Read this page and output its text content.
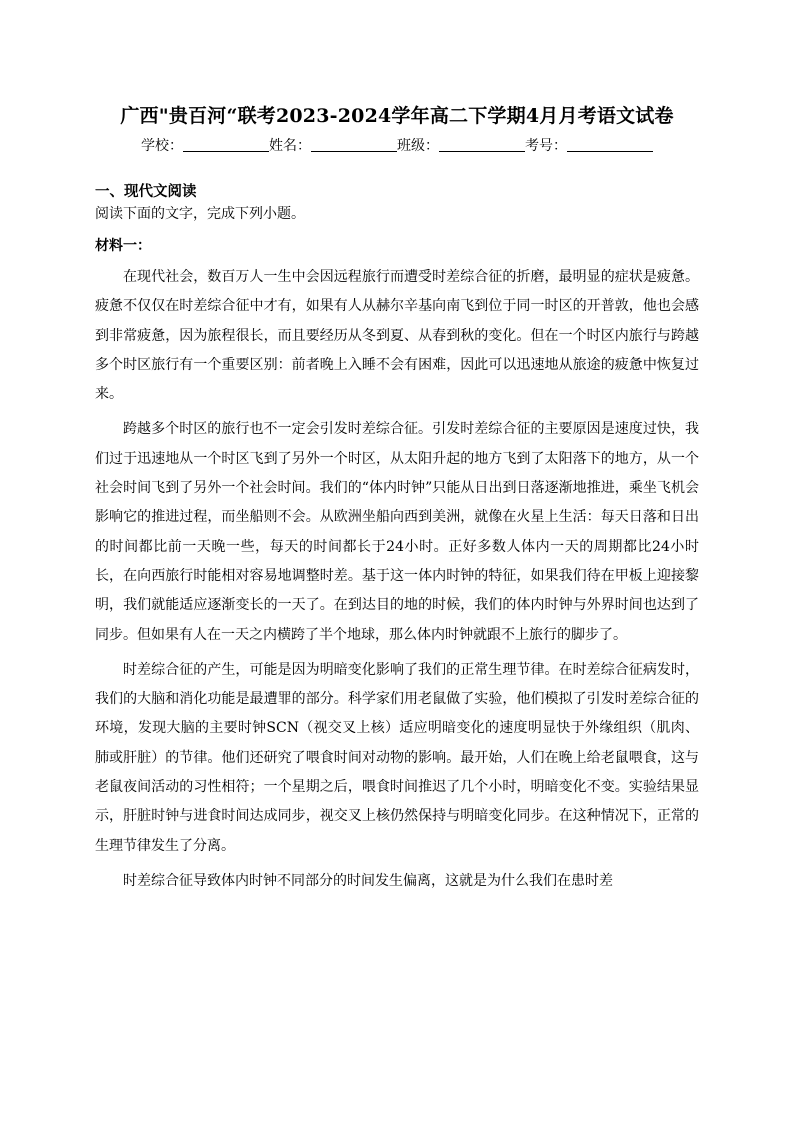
广西"贵百河“联考2023-2024学年高二下学期4月月考语文试卷
学校：	姓名：	班级：	考号：
一、现代文阅读
阅读下面的文字，完成下列小题。
材料一：

在现代社会，数百万人一生中会因远程旅行而遭受时差综合征的折磨，最明显的症状是疲惫。疲惫不仅仅在时差综合征中才有，如果有人从赫尔辛基向南飞到位于同一时区的开普敦，他也会感到非常疲惫，因为旅程很长，而且要经历从冬到夏、从春到秋的变化。但在一个时区内旅行与跨越多个时区旅行有一个重要区别：前者晚上入睡不会有困难，因此可以迅速地从旅途的疲惫中恢复过来。

跨越多个时区的旅行也不一定会引发时差综合征。引发时差综合征的主要原因是速度过快，我们过于迅速地从一个时区飞到了另外一个时区，从太阳升起的地方飞到了太阳落下的地方，从一个社会时间飞到了另外一个社会时间。我们的“体内时钟”只能从日出到日落逐渐地推进，乘坐飞机会影响它的推进过程，而坐船则不会。从欧洲坐船向西到美洲，就像在火星上生活：每天日落和日出的时间都比前一天晚一些，每天的时间都长于24小时。正好多数人体内一天的周期都比24小时长，在向西旅行时能相对容易地调整时差。基于这一体内时钟的特征，如果我们待在甲板上迎接黎明，我们就能适应逐渐变长的一天了。在到达目的地的时候，我们的体内时钟与外界时间也达到了同步。但如果有人在一天之内横跨了半个地球，那么体内时钟就跟不上旅行的脚步了。

时差综合征的产生，可能是因为明暗变化影响了我们的正常生理节律。在时差综合征病发时，我们的大脑和消化功能是最遭罪的部分。科学家们用老鼠做了实验，他们模拟了引发时差综合征的环境，发现大脑的主要时钟SCN（视交叉上核）适应明暗变化的速度明显快于外缘组织（肌肉、肺或肝脏）的节律。他们还研究了喂食时间对动物的影响。最开始，人们在晚上给老鼠喂食，这与老鼠夜间活动的习性相符；一个星期之后，喂食时间推迟了几个小时，明暗变化不变。实验结果显示，肝脏时钟与进食时间达成同步，视交叉上核仍然保持与明暗变化同步。在这种情况下，正常的生理节律发生了分离。

时差综合征导致体内时钟不同部分的时间发生偏离，这就是为什么我们在患时差
